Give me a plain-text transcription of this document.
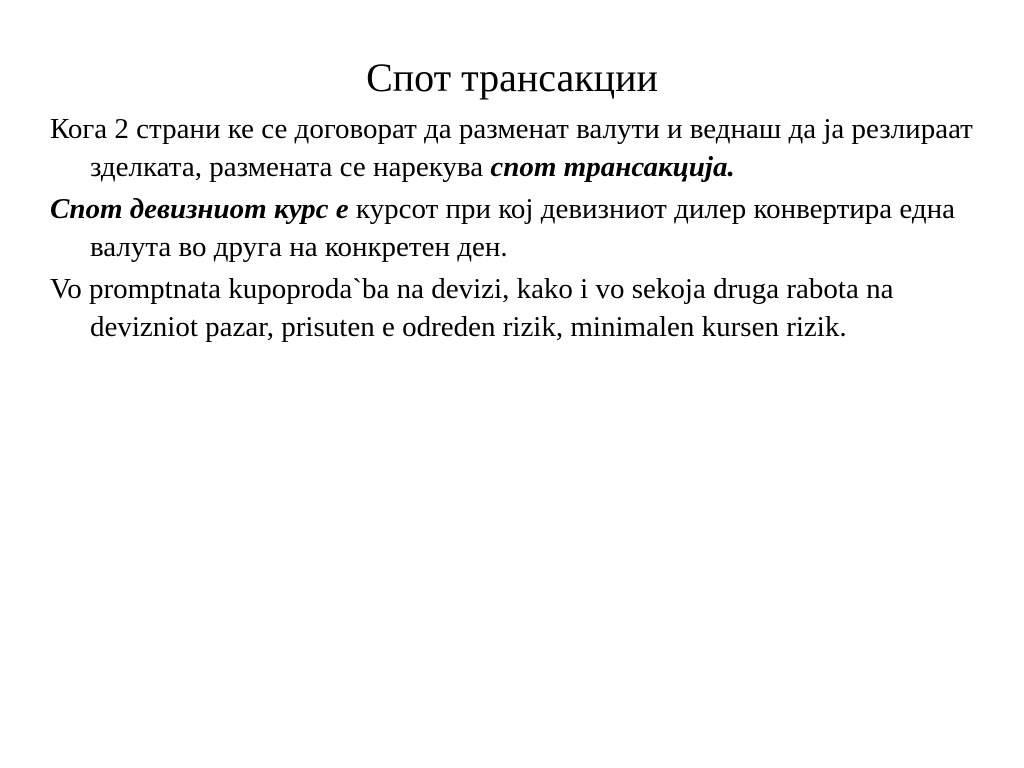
Спот трансакции

Кога 2 страни ке се договорат да разменат валути и веднаш да ја резлираат зделката, размената се нарекува спот трансакција.

Спот девизниот курс е курсот при кој девизниот дилер конвертира една валута во друга на конкретен ден.

Vo promptnata kupoproda`ba na devizi, kako i vo sekoja druga rabota na devizniot pazar, prisuten e odreden rizik, minimalen kursen rizik.
